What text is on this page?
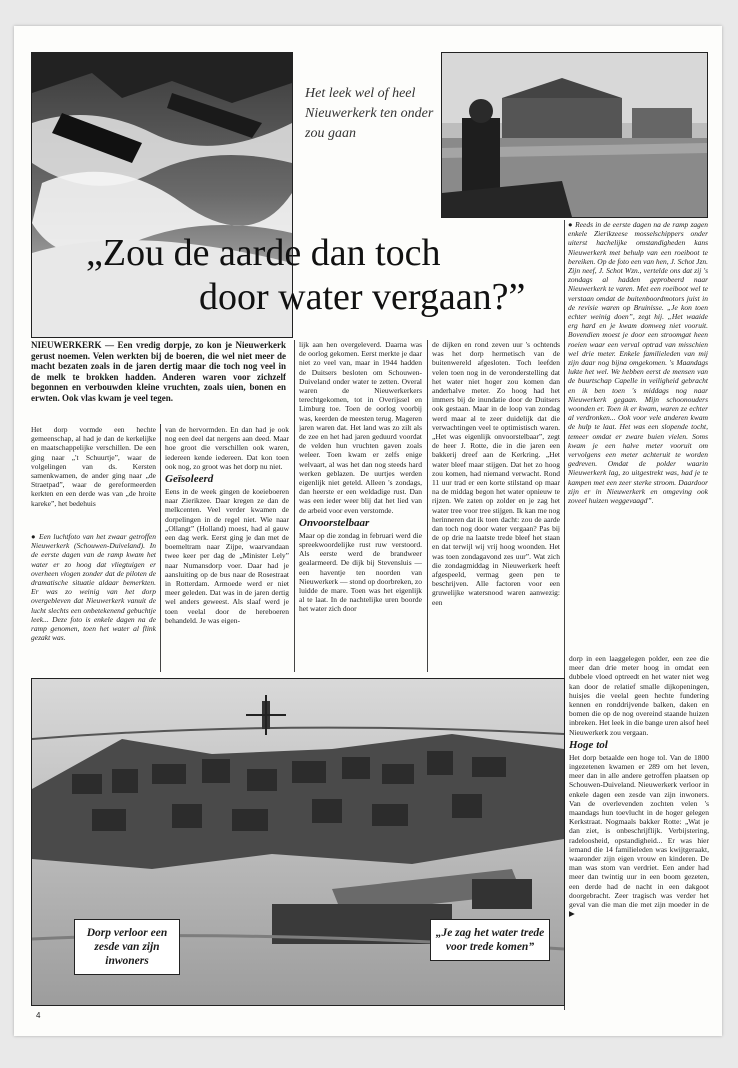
Het leek wel of heel Nieuwerkerk ten onder zou gaan
„Zou de aarde dan toch
door water vergaan?”
● Reeds in de eerste dagen na de ramp zagen enkele Zierikzeese mosselschippers onder uiterst hachelijke omstandigheden kans Nieuwerkerk met behulp van een roeiboot te bereiken. Op de foto een van hen, J. Schot Jzn. Zijn neef, J. Schot Wzn., vertelde ons dat zij 's zondags al hadden geprobeerd naar Nieuwerkerk te varen. Met een roeiboot wel te verstaan omdat de buitenboordmotors juist in de revisie waren op Bruinisse. „Je kon toen echter weinig doen”, zegt hij. „Het waaide erg hard en je kwam domweg niet vooruit. Bovendien moest je door een stroomgat heen roeien waar een verval optrad van misschien wel drie meter. Enkele familieleden van mij zijn daar nog bijna omgekomen. 's Maandags lukte het wel. We hebben eerst de mensen van de buurtschap Capelle in veiligheid gebracht en ik ben toen 's middags nog naar Nieuwerkerk gegaan. Mijn schoonouders woonden er. Toen ik er kwam, waren ze echter al verdronken... Ook voor vele anderen kwam de hulp te laat. Het was een slopende tocht, temeer omdat er zware buien vielen. Soms kwam je een halve meter vooruit om vervolgens een meter achteruit te worden gedreven. Omdat de polder waarin Nieuwerkerk lag, zo uitgestrekt was, had je te kampen met een zeer sterke stroom. Daardoor zijn er in Nieuwerkerk en omgeving ook zoveel huizen weggevaagd”.
NIEUWERKERK — Een vredig dorpje, zo kon je Nieuwerkerk gerust noemen. Velen werkten bij de boeren, die wel niet meer de macht bezaten zoals in de jaren dertig maar die toch nog veel in de melk te brokken hadden. Anderen waren voor zichzelf begonnen en verbouwden kleine vruchten, zoals uien, bonen en erwten. Ook vlas kwam je veel tegen.
Het dorp vormde een hechte gemeenschap, al had je dan de kerkelijke en maatschappelijke verschillen. De een ging naar „'t Schuurtje”, waar de volgelingen van ds. Kersten samenkwamen, de ander ging naar „de Straetpad”, waar de gereformeerden kerkten en een derde was van „de hroite kareke”, het bedehuis
● Een luchtfoto van het zwaar getroffen Nieuwerkerk (Schouwen-Duiveland). In de eerste dagen van de ramp kwam het water er zo hoog dat vliegtuigen er overheen vlogen zonder dat de piloten de dramatische situatie aldaar bemerkten. Er was zo weinig van het dorp overgebleven dat Nieuwerkerk vanuit de lucht slechts een onbetekenend gebuchtje leek... Deze foto is enkele dagen na de ramp genomen, toen het water al flink gezakt was.
van de hervormden. En dan had je ook nog een deel dat nergens aan deed. Maar hoe groot die verschillen ook waren, iedereen kende iedereen. Dat kon toen ook nog, zo groot was het dorp nu niet.
Geïsoleerd
Eens in de week gingen de koeieboeren naar Zierikzee. Daar kregen ze dan de melkcenten. Veel verder kwamen de dorpelingen in de regel niet. Wie naar „Ollangt” (Holland) moest, had al gauw een dag werk. Eerst ging je dan met de boemeltram naar Zijpe, waarvandaan twee keer per dag de „Minister Lely” naar Numansdorp voer. Daar had je aansluiting op de bus naar de Rosestraat in Rotterdam. Armoede werd er niet meer geleden. Dat was in de jaren dertig wel anders geweest. Als slaaf werd je toen veelal door de hereboeren behandeld. Je was eigen-
lijk aan hen overgeleverd. Daarna was de oorlog gekomen. Eerst merkte je daar niet zo veel van, maar in 1944 hadden de Duitsers besloten om Schouwen-Duiveland onder water te zetten. Overal waren de Nieuwerkerkers terechtgekomen, tot in Overijssel en Limburg toe. Toen de oorlog voorbij was, keerden de meesten terug. Mageren jaren waren dat. Het land was zo zilt als de zee en het had jaren geduurd voordat de velden hun vruchten gaven zoals weleer. Toen kwam er zelfs enige welvaart, al was het dan nog steeds hard werken geblazen. De uurtjes werden eigenlijk niet geteld. Alleen 's zondags, dan heerste er een weldadige rust. Dan was een ieder weer blij dat het lied van de arbeid voor even verstomde.
Onvoorstelbaar
Maar op die zondag in februari werd die spreekwoordelijke rust ruw verstoord. Als eerste werd de brandweer gealarmeerd. De dijk bij Stevensluis — een haventje ten noorden van Nieuwerkerk — stond op doorbreken, zo luidde de mare. Toen was het eigenlijk al te laat. In de nachtelijke uren boorde het water zich door
de dijken en rond zeven uur 's ochtends was het dorp hermetisch van de buitenwereld afgesloten. Toch leefden velen toen nog in de veronderstelling dat het water niet hoger zou komen dan anderhalve meter. Zo hoog had het immers bij de inundatie door de Duitsers ook gestaan. Maar in de loop van zondag werd maar al te zeer duidelijk dat die verwachtingen veel te optimistisch waren. „Het was eigenlijk onvoorstelbaar”, zegt de heer J. Rotte, die in die jaren een bakkerij dreef aan de Kerkring. „Het water bleef maar stijgen. Dat het zo hoog zou komen, had niemand verwacht. Rond 11 uur trad er een korte stilstand op maar na de middag begon het water opnieuw te rijzen. We zaten op zolder en je zag het water tree voor tree stijgen. Ik kan me nog herinneren dat ik toen dacht: zou de aarde dan toch nog door water vergaan? Pas bij de op drie na laatste trede bleef het staan en dat terwijl wij vrij hoog woonden. Het was toen zondagavond zes uur”. Wat zich die zondagmiddag in Nieuwerkerk heeft afgespeeld, vermag geen pen te beschrijven. Alle factoren voor een gruwelijke watersnood waren aanwezig: een
Dorp verloor een zesde van zijn inwoners
„Je zag het water trede voor trede komen”
dorp in een laaggelegen polder, een zee die meer dan drie meter hoog in omdat een dubbele vloed optreedt en het water niet weg kan door de relatief smalle dijkopeningen, huisjes die veelal geen hechte fundering kennen en ronddrijvende balken, daken en bomen die op de nog overeind staande huizen inbreken. Het leek in die bange uren alsof heel Nieuwerkerk zou vergaan.
Hoge tol
Het dorp betaalde een hoge tol. Van de 1800 ingezetenen kwamen er 289 om het leven, meer dan in alle andere getroffen plaatsen op Schouwen-Duiveland. Nieuwerkerk verloor in enkele dagen een zesde van zijn inwoners. Van de overlevenden zochten velen 's maandags hun toevlucht in de hoger gelegen Kerkstraat. Nogmaals bakker Rotte: „Wat je dan ziet, is onbeschrijflijk. Verbijstering, radeloosheid, opstandigheid... Er was hier iemand die 14 familieleden was kwijtgeraakt, waaronder zijn eigen vrouw en kinderen. De man was stom van verdriet. Een ander had meer dan twintig uur in een boom gezeten, een derde had de nacht in een dakgoot doorgebracht. Zeer tragisch was verder het geval van die man die met zijn moeder in de ▶
4
